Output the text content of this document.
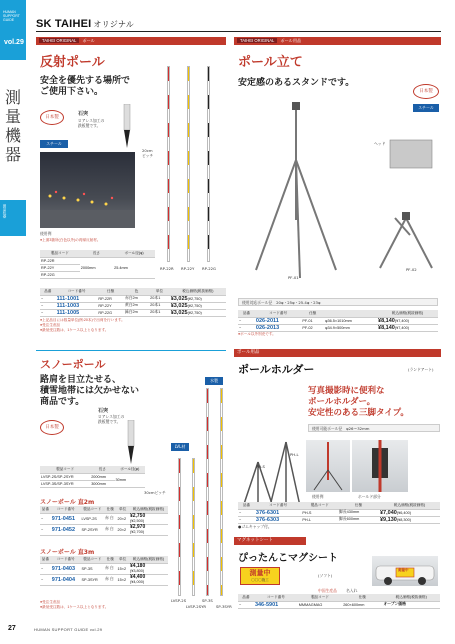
HUMAN
SUPPORT
GUIDE
vol.29
測量機器
测量机器
SK TAIHEI オリジナル
TAIHEI ORIGINAL ポール
反射ポール
安全を優先する場所で
ご使用下さい。
日本製
石突
ロアレス加工の
鉄板製です。
スチール
使用例
●上面3箇所(白色以外)の再帰反射材。
20cm
ピッチ
RP-22R RP-22Y RP-22G
製品コード	長さ	ポール径(φ)
RP-22R	2000mm	25.4mm
RP-22Y		
RP-22G		
品番	コード番号	仕様	色	単位	税込価格(税抜価格)
−	111-1001	RP-22R	赤白2m	20本1	¥3,025(¥2,750)
−	111-1003	RP-22Y	黄白2m	20本1	¥3,025(¥2,750)
−	111-1005	RP-22G	緑白2m	20本1	¥3,025(¥2,750)
●上記品目には数量単位(例:20本)で出荷を行います。
●受注生産品
●最低受注数は、1ケース以上となります。
TAIHEI ORIGINAL ポール用品
ポール立て
安定感のあるスタンドです。
日本製
スチール
ヘッド
PF-01
PF-02
使用対応ポール径　 20φ・25φ・25.4φ・23φ
品番	コード番号	仕様		税込価格(税抜価格)
−	026-2011	PF-01	φ36.5×1010mm	¥8,140(¥7,400)
−	026-2013	PF-02	φ34.9×500mm	¥8,140(¥7,400)
●ポール以外別売です。
スノーポール
路肩を目立たせる、
積雪地帯には欠かせない
商品です。
日本製
石突
ロアレス加工の
鉄板製です。
水製
LVL材
30cmピッチ
LVSP-2S
LVSP-2SYR
SP-3S
SP-3SYR
製品コード	長さ	ポール径(φ)
LVSP-2S/SP-2SYR	2000mm	30mm
LVSP-3S/SP-3SYR	3000mm	
スノーポール 直2m
品番	コード番号	製品コード	仕様	単位	税込価格(税抜価格)
−	971-0451	LVSP-2S	赤 白	20×2	¥2,750
(¥2,500)

−	971-0452	SP-2SYR	赤 白	20×2	¥2,970
(¥2,700)
スノーポール 直3m
品番	コード番号	製品コード	仕様	単位	税込価格(税抜価格)
−	971-0403	SP-3S	赤 白	15×2	¥4,180
(¥3,800)

−	971-0404	SP-3SYR	赤 白	15×2	¥4,400
(¥4,000)
●受注生産品
●最低受注数は、1ケース以上となります。
ポール用品
ポールホルダー	(ランドアート)
写真撮影時に便利な
ポールホルダー。
安定性のある三脚タイプ。
使用可能ポール径　 φ26〜32mm
PH-S
PH-L
使用例	ホールド部分
品番	コード番号	製品コード	仕様	税込価格(税抜価格)
−	376-6301	PH-S	脚長430mm	¥7,040(¥6,400)
−	376-6303	PH-L	脚長600mm	¥9,130(¥8,300)
●ゴムキャップ付。
マグネットシート
ぴったんこマグシート
測量中
〇〇〇施工
(ソフト)
中国生産品 名入れ
測量中
品番	コード番号	製品コード	仕様	税込価格(税抜価格)
−	346-5901	MMMAGMAG	260×600mm	オープン価格
27	HUMAN SUPPORT GUIDE vol.29
